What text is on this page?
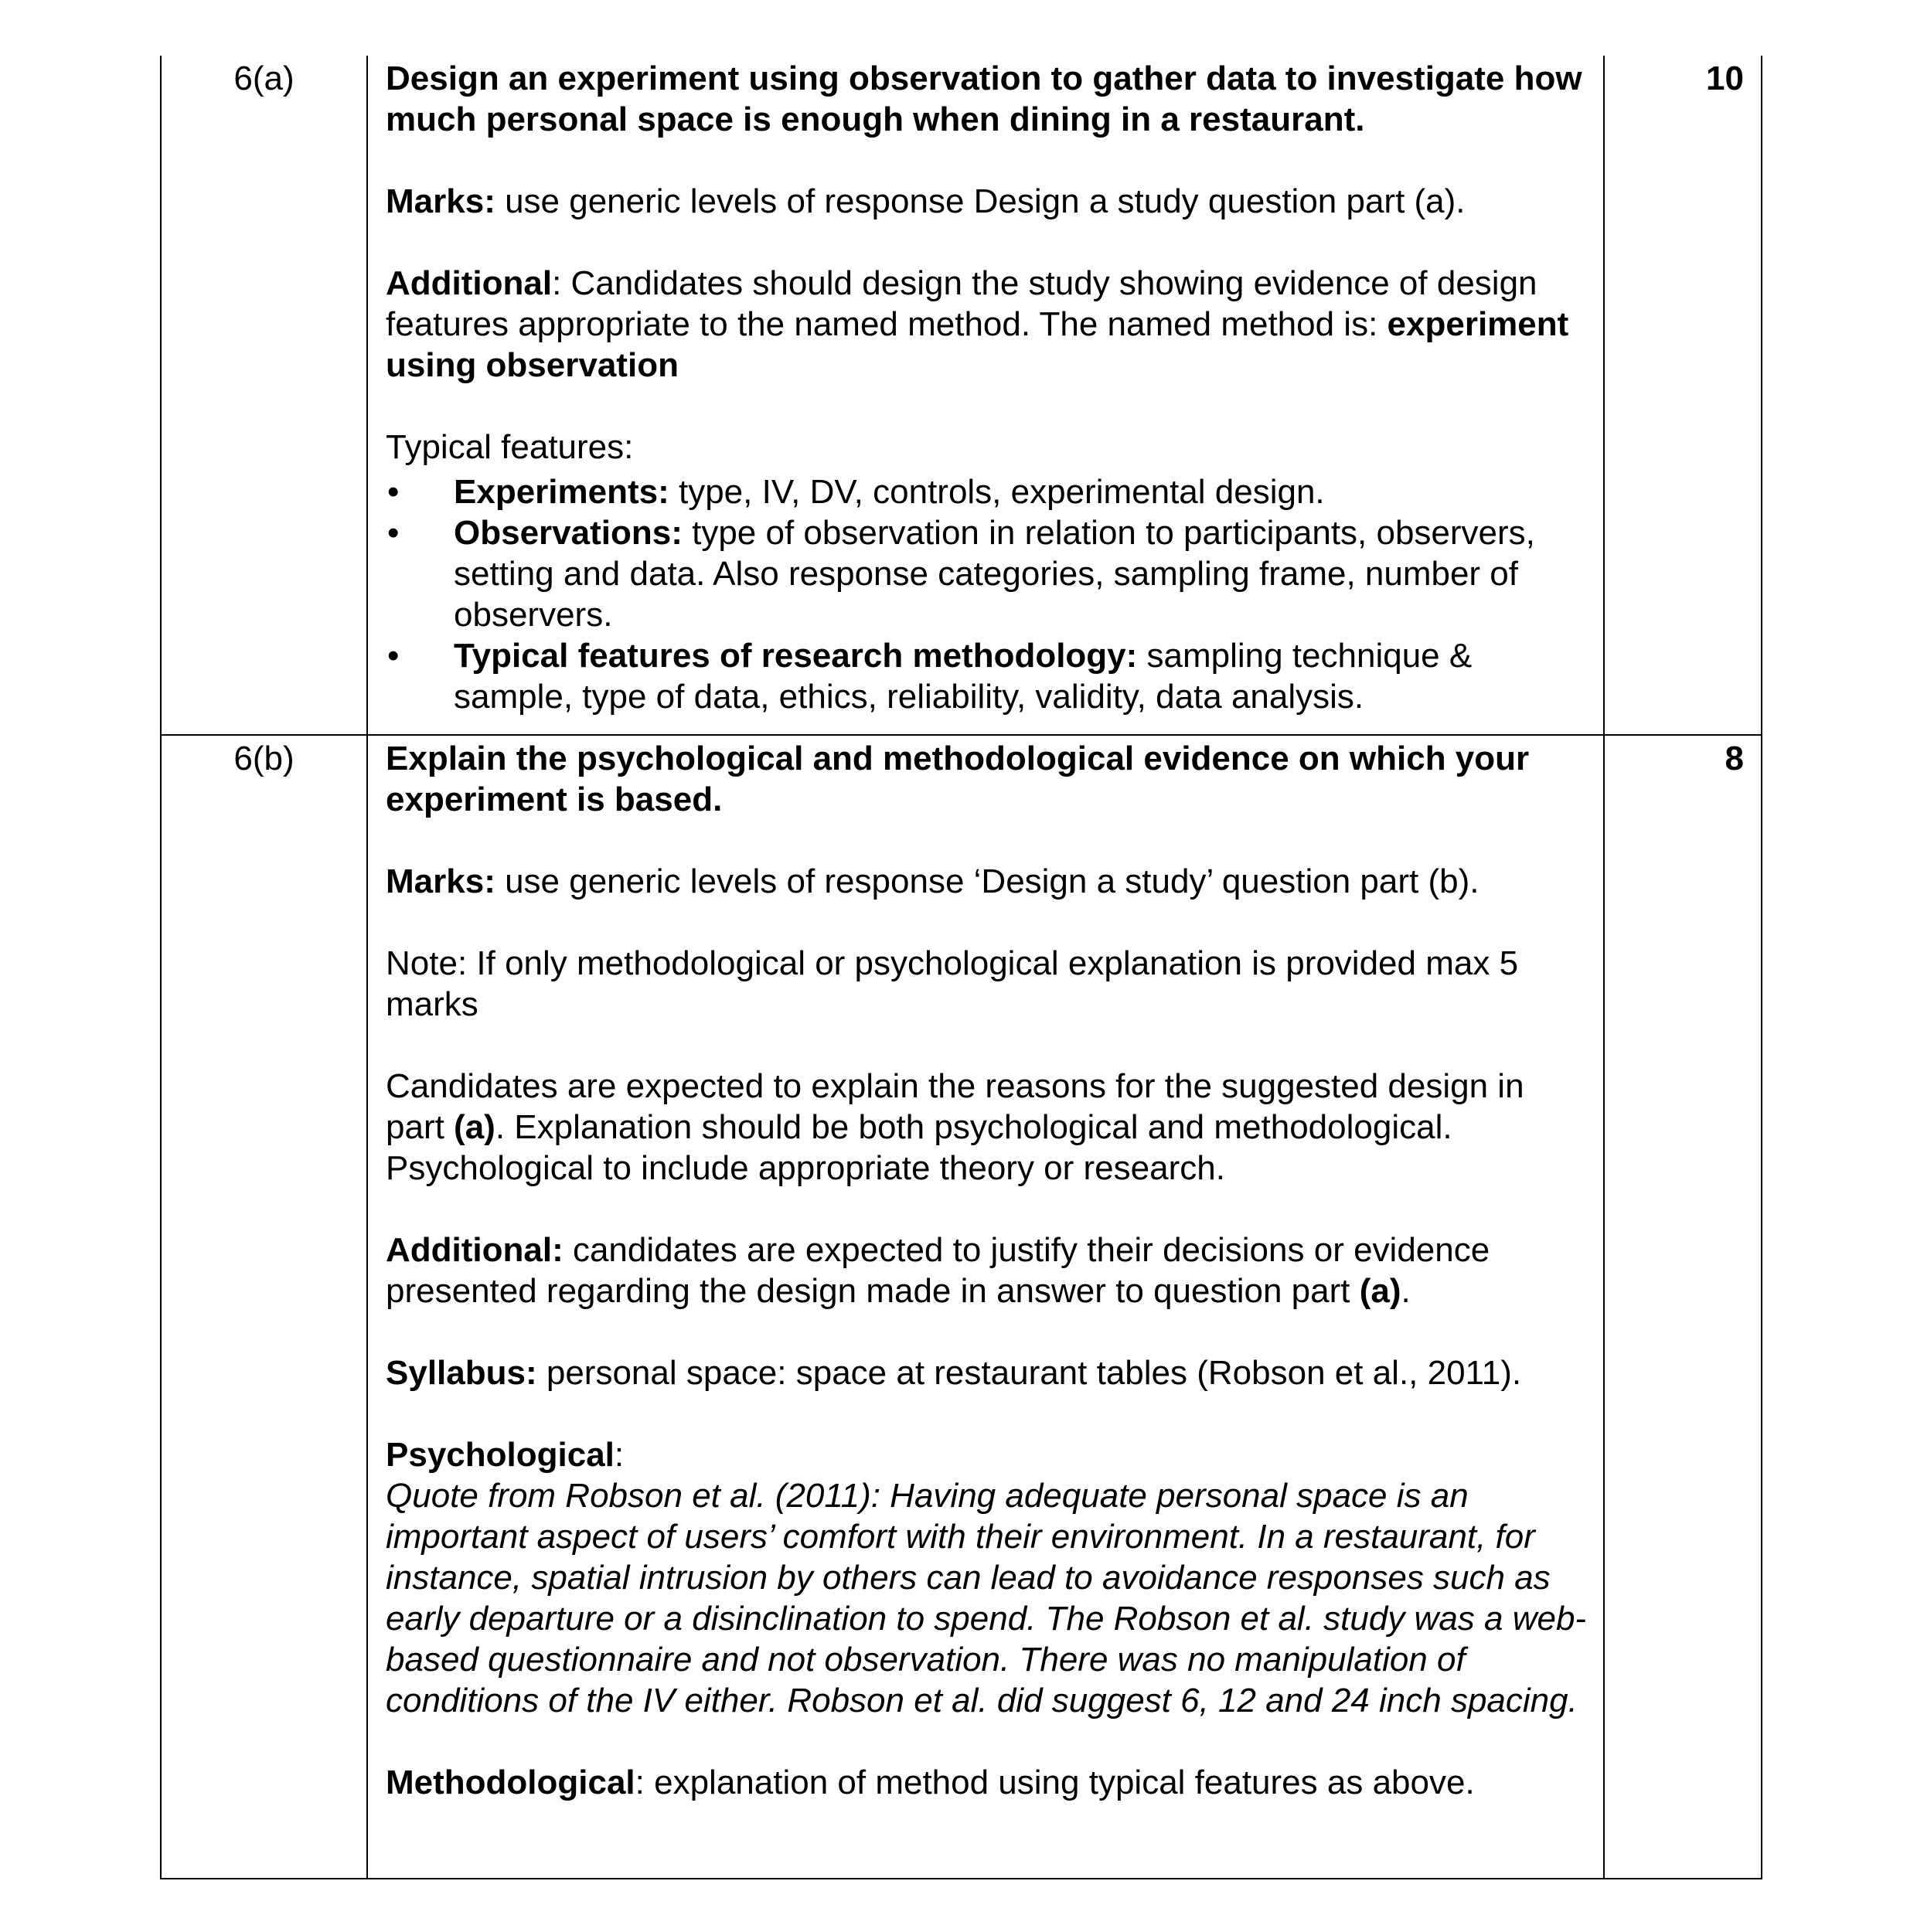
6(a)	Design an experiment using observation to gather data to investigate how much personal space is enough when dining in a restaurant.

Marks: use generic levels of response Design a study question part (a).

Additional: Candidates should design the study showing evidence of design features appropriate to the named method. The named method is: experiment using observation

Typical features:

• Experiments: type, IV, DV, controls, experimental design.
• Observations: type of observation in relation to participants, observers, setting and data. Also response categories, sampling frame, number of observers.
• Typical features of research methodology: sampling technique & sample, type of data, ethics, reliability, validity, data analysis.
10
6(b)	Explain the psychological and methodological evidence on which your experiment is based.

Marks: use generic levels of response ‘Design a study’ question part (b).

Note: If only methodological or psychological explanation is provided max 5 marks

Candidates are expected to explain the reasons for the suggested design in part (a). Explanation should be both psychological and methodological. Psychological to include appropriate theory or research.

Additional: candidates are expected to justify their decisions or evidence presented regarding the design made in answer to question part (a).

Syllabus: personal space: space at restaurant tables (Robson et al., 2011).

Psychological:
Quote from Robson et al. (2011): Having adequate personal space is an important aspect of users’ comfort with their environment. In a restaurant, for instance, spatial intrusion by others can lead to avoidance responses such as early departure or a disinclination to spend. The Robson et al. study was a web-based questionnaire and not observation. There was no manipulation of conditions of the IV either. Robson et al. did suggest 6, 12 and 24 inch spacing.

Methodological: explanation of method using typical features as above.

8
